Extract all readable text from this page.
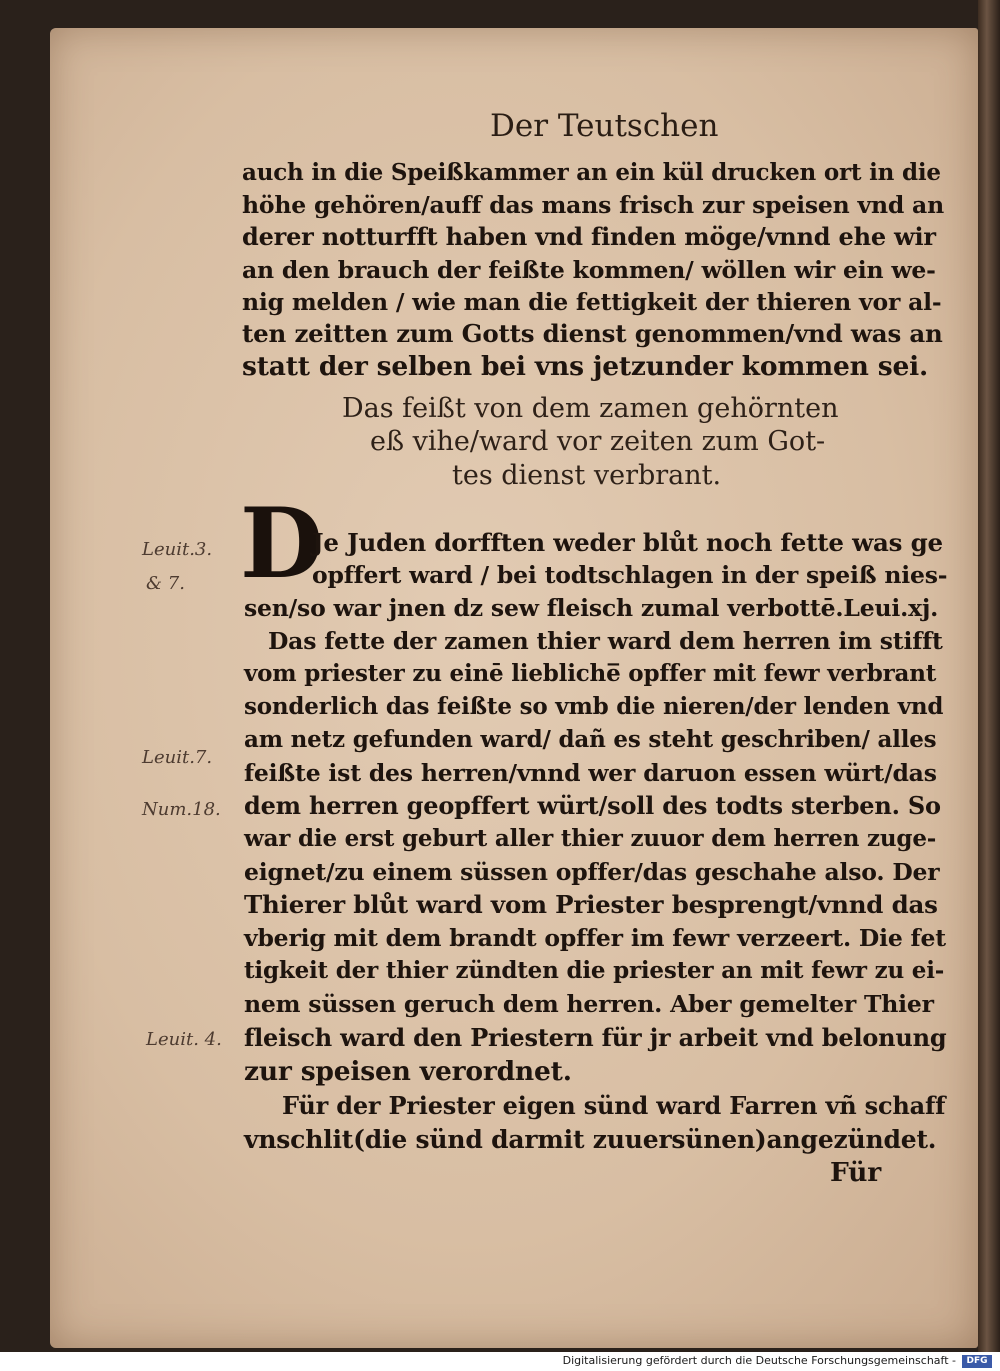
Der Teutschen
auch in die Speißkammer an ein kül drucken ort in die
höhe gehören/auff das mans frisch zur speisen vnd an
derer notturfft haben vnd finden möge/vnnd ehe wir
an den brauch der feißte kommen/ wöllen wir ein we-
nig melden / wie man die fettigkeit der thieren vor al-
ten zeitten zum Gotts dienst genommen/vnd was an
statt der selben bei vns jetzunder kommen sei.
Das feißt von dem zamen gehörnten
eß vihe/ward vor zeiten zum Got-
tes dienst verbrant.
D
Je Juden dorfften weder blůt noch fette was ge
opffert ward / bei todtschlagen in der speiß nies-
sen/so war jnen dz sew fleisch zumal verbottē.Leui.xj.
Das fette der zamen thier ward dem herren im stifft
vom priester zu einē liebliche̅ opffer mit fewr verbrant
sonderlich das feißte so vmb die nieren/der lenden vnd
am netz gefunden ward/ dañ es steht geschriben/ alles
feißte ist des herren/vnnd wer daruon essen würt/das
dem herren geopffert würt/soll des todts sterben. So
war die erst geburt aller thier zuuor dem herren zuge-
eignet/zu einem süssen opffer/das geschahe also. Der
Thierer blůt ward vom Priester besprengt/vnnd das
vberig mit dem brandt opffer im fewr verzeert. Die fet
tigkeit der thier zündten die priester an mit fewr zu ei-
nem süssen geruch dem herren. Aber gemelter Thier
fleisch ward den Priestern für jr arbeit vnd belonung
zur speisen verordnet.
Für der Priester eigen sünd ward Farren vñ schaff
vnschlit(die sünd darmit zuuersünen)angezündet.
Für
Leuit.3.
& 7.
Leuit.7.
Num.18.
Leuit. 4.
Digitalisierung gefördert durch die Deutsche Forschungsgemeinschaft -	DFG
